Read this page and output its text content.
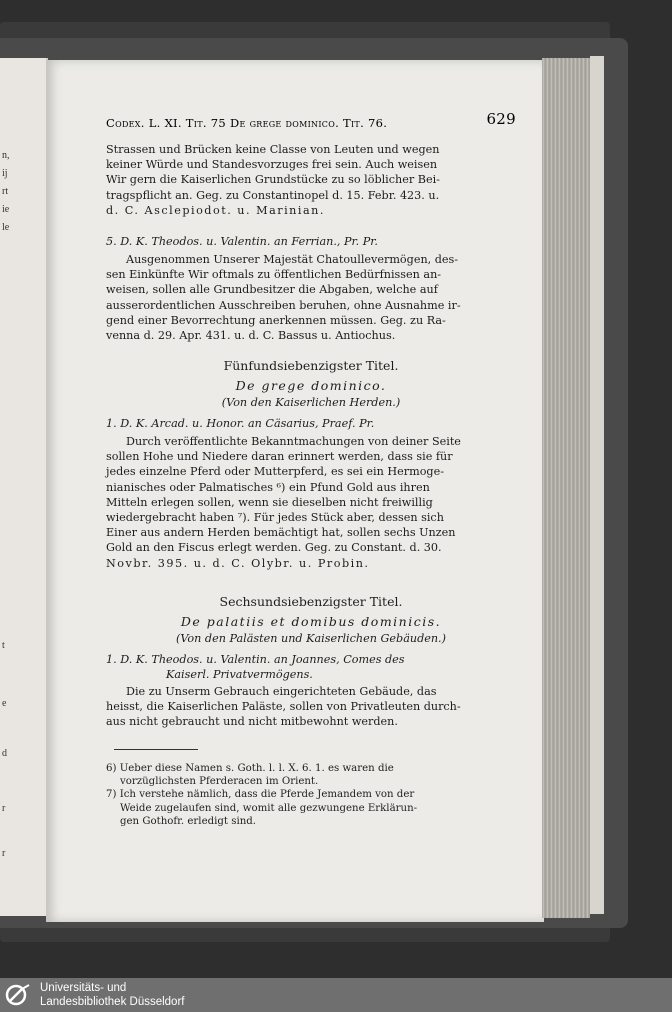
n,
ij
rt
ie
le
t
e
d
r
r
Codex. L. XI. Tit. 75 De grege dominico. Tit. 76.	629

Strassen und Brücken keine Classe von Leuten und wegen

keiner Würde und Standesvorzuges frei sein. Auch weisen

Wir gern die Kaiserlichen Grundstücke zu so löblicher Bei-

tragspflicht an. Geg. zu Constantinopel d. 15. Febr. 423. u.

d. C. Asclepiodot. u. Marinian.

5. D. K. Theodos. u. Valentin. an Ferrian., Pr. Pr.

Ausgenommen Unserer Majestät Chatoullevermögen, des-

sen Einkünfte Wir oftmals zu öffentlichen Bedürfnissen an-

weisen, sollen alle Grundbesitzer die Abgaben, welche auf

ausserordentlichen Ausschreiben beruhen, ohne Ausnahme ir-

gend einer Bevorrechtung anerkennen müssen. Geg. zu Ra-

venna d. 29. Apr. 431. u. d. C. Bassus u. Antiochus.

Fünfundsiebenzigster Titel.
De grege dominico.
(Von den Kaiserlichen Herden.)
1. D. K. Arcad. u. Honor. an Cäsarius, Praef. Pr.

Durch veröffentlichte Bekanntmachungen von deiner Seite

sollen Hohe und Niedere daran erinnert werden, dass sie für

jedes einzelne Pferd oder Mutterpferd, es sei ein Hermoge-

nianisches oder Palmatisches ⁶) ein Pfund Gold aus ihren

Mitteln erlegen sollen, wenn sie dieselben nicht freiwillig

wiedergebracht haben ⁷). Für jedes Stück aber, dessen sich

Einer aus andern Herden bemächtigt hat, sollen sechs Unzen

Gold an den Fiscus erlegt werden. Geg. zu Constant. d. 30.

Novbr. 395. u. d. C. Olybr. u. Probin.

Sechsundsiebenzigster Titel.
De palatiis et domibus dominicis.
(Von den Palästen und Kaiserlichen Gebäuden.)
1. D. K. Theodos. u. Valentin. an Joannes, Comes des
Kaiserl. Privatvermögens.

Die zu Unserm Gebrauch eingerichteten Gebäude, das

heisst, die Kaiserlichen Paläste, sollen von Privatleuten durch-

aus nicht gebraucht und nicht mitbewohnt werden.

6) Ueber diese Namen s. Goth. l. l. X. 6. 1. es waren die

vorzüglichsten Pferderacen im Orient.

7) Ich verstehe nämlich, dass die Pferde Jemandem von der

Weide zugelaufen sind, womit alle gezwungene Erklärun-

gen Gothofr. erledigt sind.

Universitäts- und
Landesbibliothek Düsseldorf
